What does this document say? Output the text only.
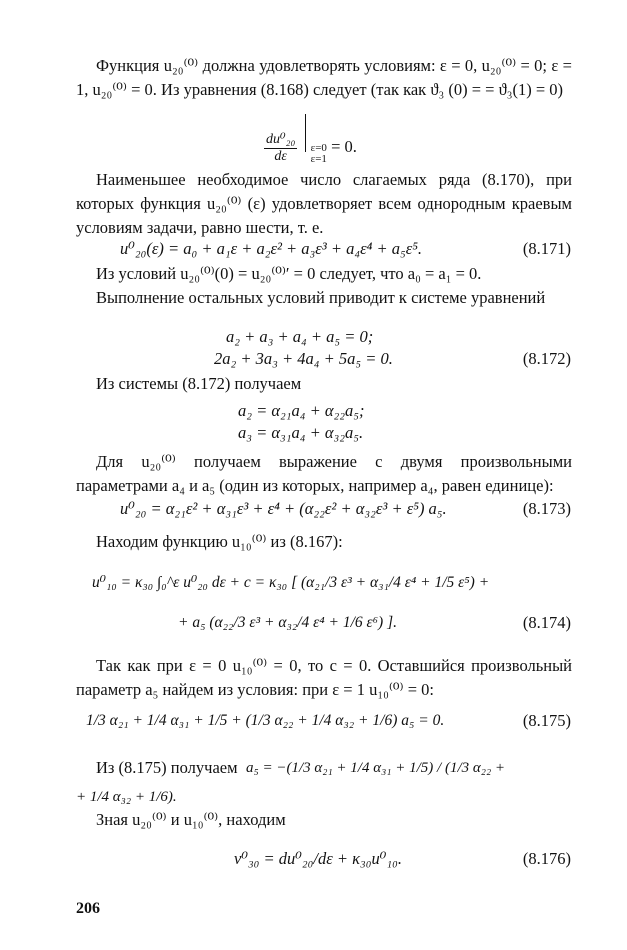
Функция u₂₀⁽⁰⁾ должна удовлетворять условиям: ε = 0, u₂₀⁽⁰⁾ = 0; ε = 1, u₂₀⁽⁰⁾ = 0. Из уравнения (8.168) следует (так как ϑ₃ (0) = = ϑ₃(1) = 0)
$\frac{\text{du⁰₂₀}}{d\varepsilon} \varepsilon=0$
ε=1 = 0.
Наименьшее необходимое число слагаемых ряда (8.170), при которых функция u₂₀⁽⁰⁾ (ε) удовлетворяет всем однородным краевым условиям задачи, равно шести, т. е.
u⁰₂₀(ε) = a₀ + a₁ε + a₂ε² + a₃ε³ + a₄ε⁴ + a₅ε⁵.	(8.171)
Из условий u₂₀⁽⁰⁾(0) = u₂₀⁽⁰⁾′ = 0 следует, что a₀ = a₁ = 0.
Выполнение остальных условий приводит к системе уравнений
a₂ + a₃ + a₄ + a₅ = 0;
2a₂ + 3a₃ + 4a₄ + 5a₅ = 0.	(8.172)
Из системы (8.172) получаем
a₂ = α₂₁a₄ + α₂₂a₅;
a₃ = α₃₁a₄ + α₃₂a₅.
Для u₂₀⁽⁰⁾ получаем выражение с двумя произвольными параметрами a₄ и a₅ (один из которых, например a₄, равен единице):
u⁰₂₀ = α₂₁ε² + α₃₁ε³ + ε⁴ + (α₂₂ε² + α₃₂ε³ + ε⁵) a₅.	(8.173)
Находим функцию u₁₀⁽⁰⁾ из (8.167):
u⁰₁₀ = κ₃₀ ∫₀^ε u⁰₂₀ dε + c = κ₃₀ [ (α₂₁/3 ε³ + α₃₁/4 ε⁴ + 1/5 ε⁵) +
+ a₅ (α₂₂/3 ε³ + α₃₂/4 ε⁴ + 1/6 ε⁶) ].	(8.174)
Так как при ε = 0 u₁₀⁽⁰⁾ = 0, то c = 0. Оставшийся произвольный параметр a₅ найдем из условия: при ε = 1 u₁₀⁽⁰⁾ = 0:
1/3 α₂₁ + 1/4 α₃₁ + 1/5 + (1/3 α₂₂ + 1/4 α₃₂ + 1/6) a₅ = 0.	(8.175)
Из (8.175) получаем a₅ = −(1/3 α₂₁ + 1/4 α₃₁ + 1/5) / (1/3 α₂₂ +
+ 1/4 α₃₂ + 1/6).
Зная u₂₀⁽⁰⁾ и u₁₀⁽⁰⁾, находим
v⁰₃₀ = du⁰₂₀/dε + κ₃₀u⁰₁₀.	(8.176)
206
